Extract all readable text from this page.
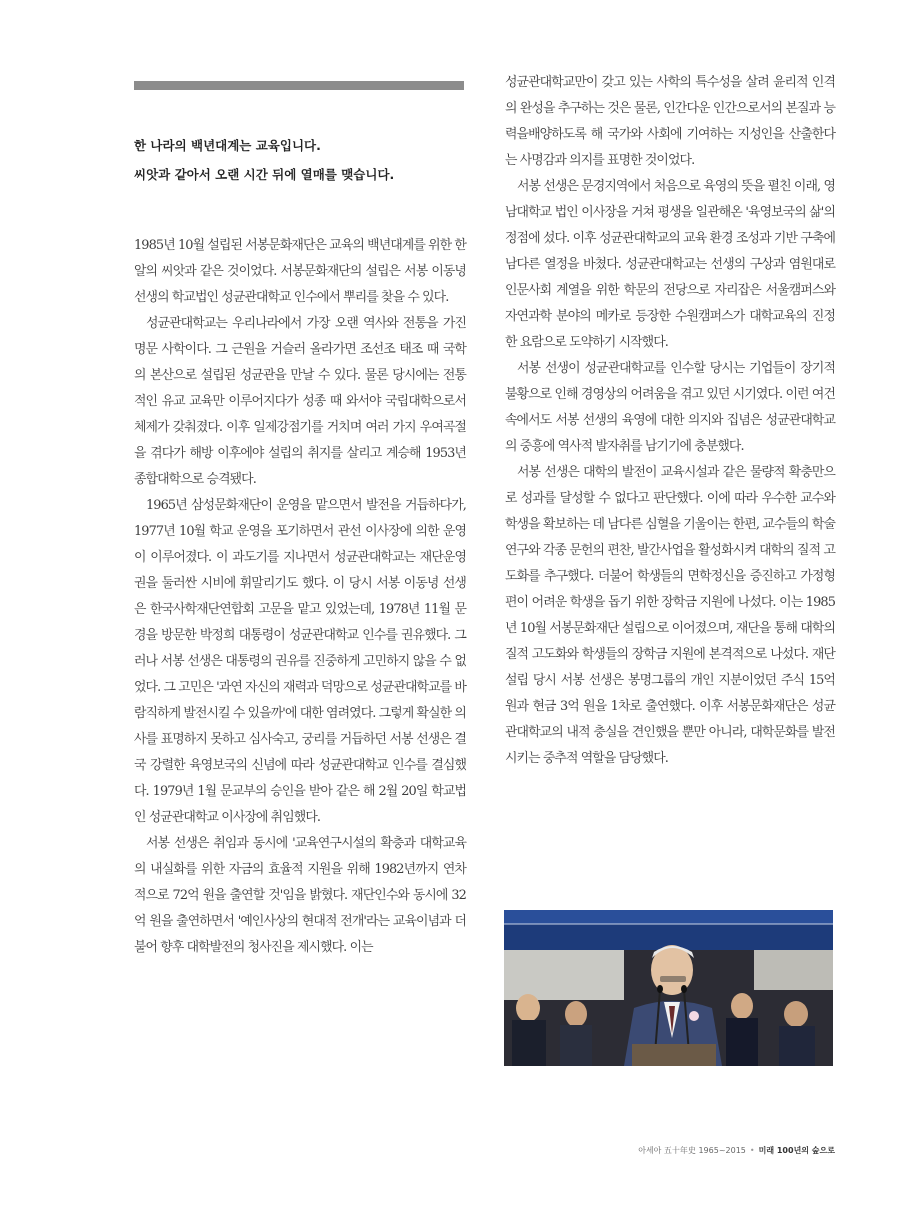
한 나라의 백년대계는 교육입니다.

씨앗과 같아서 오랜 시간 뒤에 열매를 맺습니다.

1985년 10월 설립된 서봉문화재단은 교육의 백년대계를 위한 한 알의 씨앗과 같은 것이었다. 서봉문화재단의 설립은 서봉 이동녕 선생의 학교법인 성균관대학교 인수에서 뿌리를 찾을 수 있다.

성균관대학교는 우리나라에서 가장 오랜 역사와 전통을 가진 명문 사학이다. 그 근원을 거슬러 올라가면 조선조 태조 때 국학의 본산으로 설립된 성균관을 만날 수 있다. 물론 당시에는 전통적인 유교 교육만 이루어지다가 성종 때 와서야 국립대학으로서 체제가 갖춰졌다. 이후 일제강점기를 거치며 여러 가지 우여곡절을 겪다가 해방 이후에야 설립의 취지를 살리고 계승해 1953년 종합대학으로 승격됐다.

1965년 삼성문화재단이 운영을 맡으면서 발전을 거듭하다가, 1977년 10월 학교 운영을 포기하면서 관선 이사장에 의한 운영이 이루어졌다. 이 과도기를 지나면서 성균관대학교는 재단운영권을 둘러싼 시비에 휘말리기도 했다. 이 당시 서봉 이동녕 선생은 한국사학재단연합회 고문을 맡고 있었는데, 1978년 11월 문경을 방문한 박정희 대통령이 성균관대학교 인수를 권유했다. 그러나 서봉 선생은 대통령의 권유를 진중하게 고민하지 않을 수 없었다. 그 고민은 '과연 자신의 재력과 덕망으로 성균관대학교를 바람직하게 발전시킬 수 있을까'에 대한 염려였다. 그렇게 확실한 의사를 표명하지 못하고 심사숙고, 궁리를 거듭하던 서봉 선생은 결국 강렬한 육영보국의 신념에 따라 성균관대학교 인수를 결심했다. 1979년 1월 문교부의 승인을 받아 같은 해 2월 20일 학교법인 성균관대학교 이사장에 취임했다.

서봉 선생은 취임과 동시에 '교육연구시설의 확충과 대학교육의 내실화를 위한 자금의 효율적 지원을 위해 1982년까지 연차적으로 72억 원을 출연할 것'임을 밝혔다. 재단인수와 동시에 32억 원을 출연하면서 '예인사상의 현대적 전개'라는 교육이념과 더불어 향후 대학발전의 청사진을 제시했다. 이는

성균관대학교만이 갖고 있는 사학의 특수성을 살려 윤리적 인격의 완성을 추구하는 것은 물론, 인간다운 인간으로서의 본질과 능력을배양하도록 해 국가와 사회에 기여하는 지성인을 산출한다는 사명감과 의지를 표명한 것이었다.

서봉 선생은 문경지역에서 처음으로 육영의 뜻을 펼친 이래, 영남대학교 법인 이사장을 거쳐 평생을 일관해온 '육영보국의 삶'의 정점에 섰다. 이후 성균관대학교의 교육 환경 조성과 기반 구축에 남다른 열정을 바쳤다. 성균관대학교는 선생의 구상과 염원대로 인문사회 계열을 위한 학문의 전당으로 자리잡은 서울캠퍼스와 자연과학 분야의 메카로 등장한 수원캠퍼스가 대학교육의 진정한 요람으로 도약하기 시작했다.

서봉 선생이 성균관대학교를 인수할 당시는 기업들이 장기적 불황으로 인해 경영상의 어려움을 겪고 있던 시기였다. 이런 여건 속에서도 서봉 선생의 육영에 대한 의지와 집념은 성균관대학교의 중흥에 역사적 발자취를 남기기에 충분했다.

서봉 선생은 대학의 발전이 교육시설과 같은 물량적 확충만으로 성과를 달성할 수 없다고 판단했다. 이에 따라 우수한 교수와 학생을 확보하는 데 남다른 심혈을 기울이는 한편, 교수들의 학술연구와 각종 문헌의 편찬, 발간사업을 활성화시켜 대학의 질적 고도화를 추구했다. 더불어 학생들의 면학정신을 증진하고 가정형편이 어려운 학생을 돕기 위한 장학금 지원에 나섰다. 이는 1985년 10월 서봉문화재단 설립으로 이어졌으며, 재단을 통해 대학의 질적 고도화와 학생들의 장학금 지원에 본격적으로 나섰다. 재단 설립 당시 서봉 선생은 봉명그룹의 개인 지분이었던 주식 15억 원과 현금 3억 원을 1차로 출연했다. 이후 서봉문화재단은 성균관대학교의 내적 충실을 견인했을 뿐만 아니라, 대학문화를 발전시키는 중추적 역할을 담당했다.

아세아 五十年史 1965~2015 • 미래 100년의 숲으로
